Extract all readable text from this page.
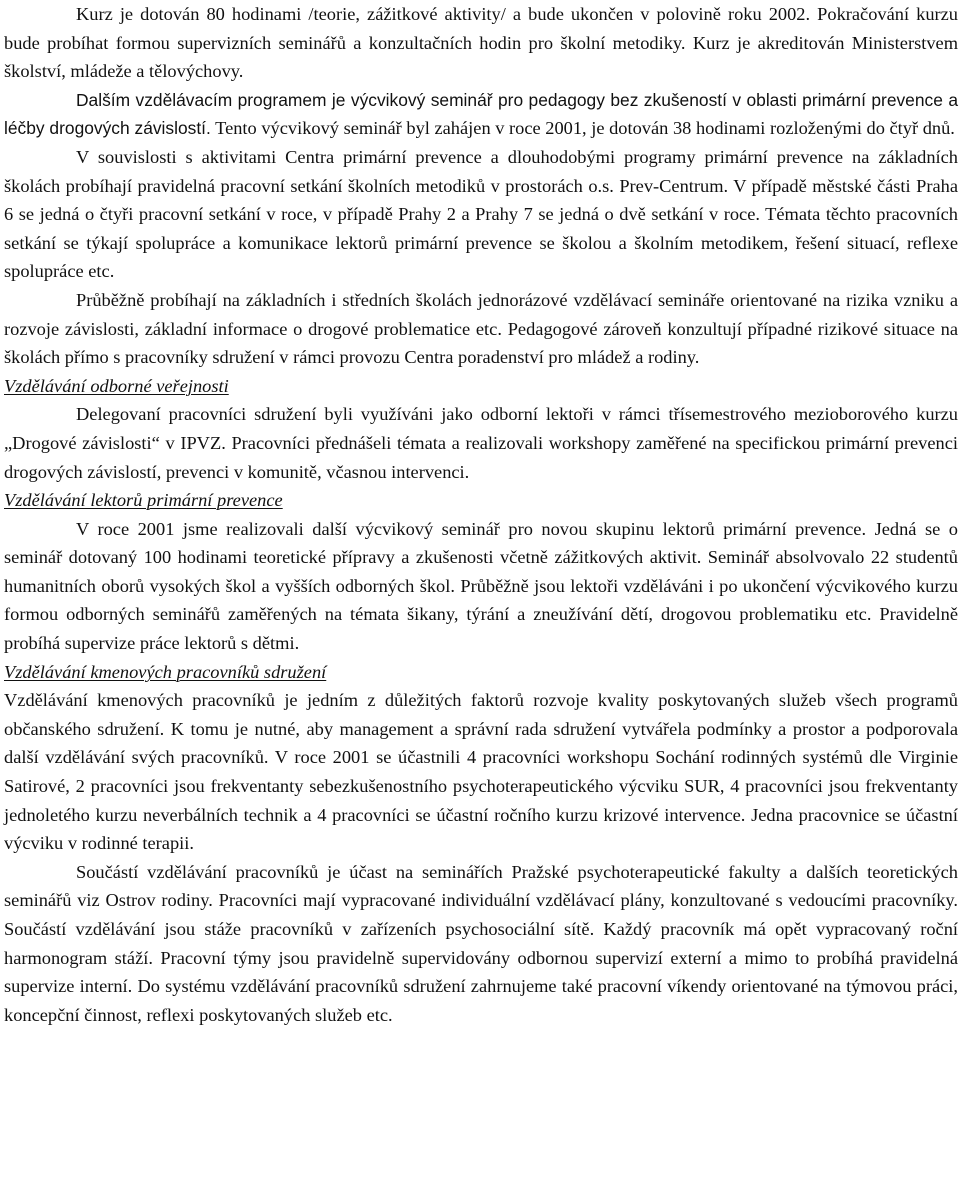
Kurz je dotován 80 hodinami /teorie, zážitkové aktivity/ a bude ukončen v polovině roku 2002. Pokračování kurzu bude probíhat formou supervizních seminářů a konzultačních hodin pro školní metodiky. Kurz je akreditován Ministerstvem školství, mládeže a tělovýchovy.

Dalším vzdělávacím programem je výcvikový seminář pro pedagogy bez zkušeností v oblasti primární prevence a léčby drogových závislostí. Tento výcvikový seminář byl zahájen v roce 2001, je dotován 38 hodinami rozloženými do čtyř dnů.

V souvislosti s aktivitami Centra primární prevence a dlouhodobými programy primární prevence na základních školách probíhají pravidelná pracovní setkání školních metodiků v prostorách o.s. Prev-Centrum. V případě městské části Praha 6 se jedná o čtyři pracovní setkání v roce, v případě Prahy 2 a Prahy 7 se jedná o dvě setkání v roce. Témata těchto pracovních setkání se týkají spolupráce a komunikace lektorů primární prevence se školou a školním metodikem, řešení situací, reflexe spolupráce etc.

Průběžně probíhají na základních i středních školách jednorázové vzdělávací semináře orientované na rizika vzniku a rozvoje závislosti, základní informace o drogové problematice etc. Pedagogové zároveň konzultují případné rizikové situace na školách přímo s pracovníky sdružení v rámci provozu Centra poradenství pro mládež a rodiny.

Vzdělávání odborné veřejnosti

Delegovaní pracovníci sdružení byli využíváni jako odborní lektoři v rámci třísemestrového mezioborového kurzu „Drogové závislosti“ v IPVZ. Pracovníci přednášeli témata a realizovali workshopy zaměřené na specifickou primární prevenci drogových závislostí, prevenci v komunitě, včasnou intervenci.

Vzdělávání lektorů primární prevence

V roce 2001 jsme realizovali další výcvikový seminář pro novou skupinu lektorů primární prevence. Jedná se o seminář dotovaný 100 hodinami teoretické přípravy a zkušenosti včetně zážitkových aktivit. Seminář absolvovalo 22 studentů humanitních oborů vysokých škol a vyšších odborných škol. Průběžně jsou lektoři vzděláváni i po ukončení výcvikového kurzu formou odborných seminářů zaměřených na témata šikany, týrání a zneužívání dětí, drogovou problematiku etc. Pravidelně probíhá supervize práce lektorů s dětmi.

Vzdělávání kmenových pracovníků sdružení

Vzdělávání kmenových pracovníků je jedním z důležitých faktorů rozvoje kvality poskytovaných služeb všech programů občanského sdružení. K tomu je nutné, aby management a správní rada sdružení vytvářela podmínky a prostor a podporovala další vzdělávání svých pracovníků. V roce 2001 se účastnili 4 pracovníci workshopu Sochání rodinných systémů dle Virginie Satirové, 2 pracovníci jsou frekventanty sebezkušenostního psychoterapeutického výcviku SUR, 4 pracovníci jsou frekventanty jednoletého kurzu neverbálních technik a 4 pracovníci se účastní ročního kurzu krizové intervence. Jedna pracovnice se účastní výcviku v rodinné terapii.

Součástí vzdělávání pracovníků je účast na seminářích Pražské psychoterapeutické fakulty a dalších teoretických seminářů viz Ostrov rodiny. Pracovníci mají vypracované individuální vzdělávací plány, konzultované s vedoucími pracovníky. Součástí vzdělávání jsou stáže pracovníků v zařízeních psychosociální sítě. Každý pracovník má opět vypracovaný roční harmonogram stáží. Pracovní týmy jsou pravidelně supervidovány odbornou supervizí externí a mimo to probíhá pravidelná supervize interní. Do systému vzdělávání pracovníků sdružení zahrnujeme také pracovní víkendy orientované na týmovou práci, koncepční činnost, reflexi poskytovaných služeb etc.
